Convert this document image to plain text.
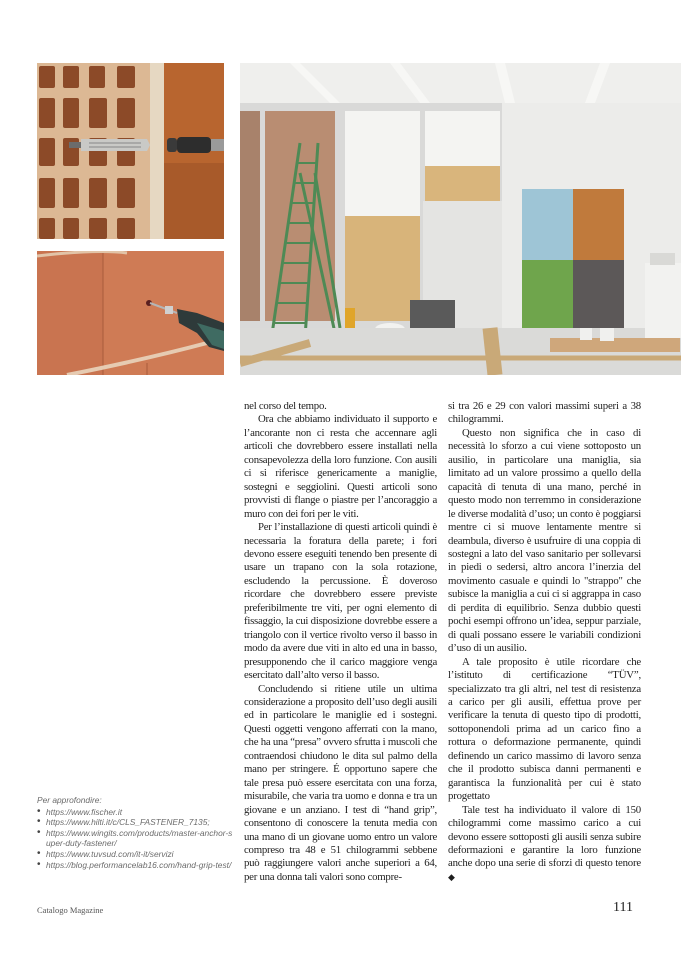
nel corso del tempo.

Ora che abbiamo individuato il supporto e l’ancorante non ci resta che accennare agli articoli che dovrebbero essere installati nella consapevolezza della loro funzione. Con ausili ci si riferisce genericamente a maniglie, sostegni e seggiolini. Questi articoli sono provvisti di flange o piastre per l’ancoraggio a muro con dei fori per le viti.

Per l’installazione di questi articoli quindi è necessaria la foratura della parete; i fori devono essere eseguiti tenendo ben presente di usare un trapano con la sola rotazione, escludendo la percussione. È doveroso ricordare che dovrebbero essere previste preferibilmente tre viti, per ogni elemento di fissaggio, la cui disposizione dovrebbe essere a triangolo con il vertice rivolto verso il basso in modo da avere due viti in alto ed una in basso, presupponendo che il carico maggiore venga esercitato dall’alto verso il basso.

Concludendo si ritiene utile un ultima considerazione a proposito dell’uso degli ausili ed in particolare le maniglie ed i sostegni. Questi oggetti vengono afferrati con la mano, che ha una “presa” ovvero sfrutta i muscoli che contraendosi chiudono le dita sul palmo della mano per stringere. É opportuno sapere che tale presa può essere esercitata con una forza, misurabile, che varia tra uomo e donna e tra un giovane e un anziano. I test di “hand grip”, consentono di conoscere la tenuta media con una mano di un giovane uomo entro un valore compreso tra 48 e 51 chilogrammi sebbene può raggiungere valori anche superiori a 64, per una donna tali valori sono compre-

si tra 26 e 29 con valori massimi superi a 38 chilogrammi.

Questo non significa che in caso di necessità lo sforzo a cui viene sottoposto un ausilio, in particolare una maniglia, sia limitato ad un valore prossimo a quello della capacità di tenuta di una mano, perché in questo modo non terremmo in considerazione le diverse modalità d’uso; un conto è poggiarsi mentre ci si muove lentamente mentre si deambula, diverso è usufruire di una coppia di sostegni a lato del vaso sanitario per sollevarsi in piedi o sedersi, altro ancora l’inerzia del movimento casuale e quindi lo "strappo" che subisce la maniglia a cui ci si aggrappa in caso di perdita di equilibrio. Senza dubbio questi pochi esempi offrono un’idea, seppur parziale, di quali possano essere le variabili condizioni d’uso di un ausilio.

A tale proposito è utile ricordare che l’istituto di certificazione “TÜV”, specializzato tra gli altri, nel test di resistenza a carico per gli ausili, effettua prove per verificare la tenuta di questo tipo di prodotti, sottoponendoli prima ad un carico fino a rottura o deformazione permanente, quindi definendo un carico massimo di lavoro senza che il prodotto subisca danni permanenti e garantisca la funzionalità per cui è stato progettato

Tale test ha individuato il valore di 150 chilogrammi come massimo carico a cui devono essere sottoposti gli ausili senza subire deformazioni e garantire la loro funzione anche dopo una serie di sforzi di questo tenore ◆

Per approfondire:
• https://www.fischer.it
• https://www.hilti.it/c/CLS_FASTENER_7135;
• https://www.wingits.com/products/master-anchor-super-duty-fastener/
• https://www.tuvsud.com/it-it/servizi
• https://blog.performancelab16.com/hand-grip-test/
Catalogo Magazine	111
